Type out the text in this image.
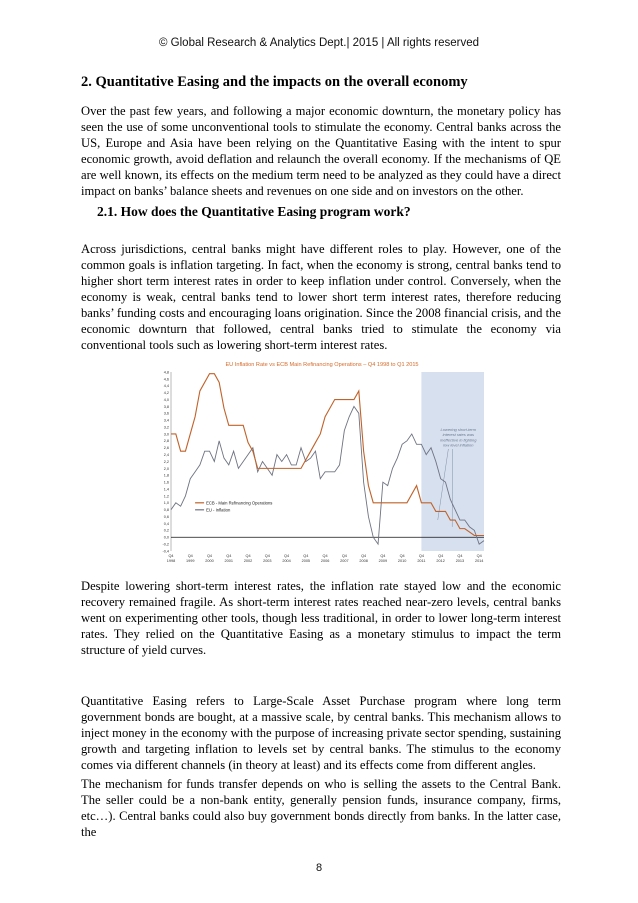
© Global Research & Analytics Dept.| 2015 | All rights reserved
2. Quantitative Easing and the impacts on the overall economy

Over the past few years, and following a major economic downturn, the monetary policy has seen the use of some unconventional tools to stimulate the economy. Central banks across the US, Europe and Asia have been relying on the Quantitative Easing with the intent to spur economic growth, avoid deflation and relaunch the overall economy. If the mechanisms of QE are well known, its effects on the medium term need to be analyzed as they could have a direct impact on banks’ balance sheets and revenues on one side and on investors on the other.

2.1. How does the Quantitative Easing program work?

Across jurisdictions, central banks might have different roles to play. However, one of the common goals is inflation targeting. In fact, when the economy is strong, central banks tend to higher short term interest rates in order to keep inflation under control. Conversely, when the economy is weak, central banks tend to lower short term interest rates, therefore reducing banks’ funding costs and encouraging loans origination. Since the 2008 financial crisis, and the economic downturn that followed, central banks tried to stimulate the economy via conventional tools such as lowering short-term interest rates.

EU Inflation Rate vs ECB Main Refinancing Operations – Q4 1998 to Q1 2015
-0,4
-0,2
0,0
0,2
0,4
0,6
0,8
1,0
1,2
1,4
1,6
1,8
2,0
2,2
2,4
2,6
2,8
3,0
3,2
3,4
3,6
3,8
4,0
4,2
4,4
4,6
4,8
Q4
1998
Q4
1999
Q4
2000
Q4
2001
Q4
2002
Q4
2003
Q4
2004
Q4
2005
Q4
2006
Q4
2007
Q4
2008
Q4
2009
Q4
2010
Q4
2011
Q4
2012
Q4
2013
Q4
2014
Lowering short-term
interest rates was
ineffective in fighting
low level inflation
ECB - Main Refinancing Operations
EU - Inflation

Despite lowering short-term interest rates, the inflation rate stayed low and the economic recovery remained fragile. As short-term interest rates reached near-zero levels, central banks went on experimenting other tools, though less traditional, in order to lower long-term interest rates. They relied on the Quantitative Easing as a monetary stimulus to impact the term structure of yield curves.

Quantitative Easing refers to Large-Scale Asset Purchase program where long term government bonds are bought, at a massive scale, by central banks. This mechanism allows to inject money in the economy with the purpose of increasing private sector spending, sustaining growth and targeting inflation to levels set by central banks. The stimulus to the economy comes via different channels (in theory at least) and its effects come from different angles.

The mechanism for funds transfer depends on who is selling the assets to the Central Bank. The seller could be a non-bank entity, generally pension funds, insurance company, firms, etc…). Central banks could also buy government bonds directly from banks. In the latter case, the

8
